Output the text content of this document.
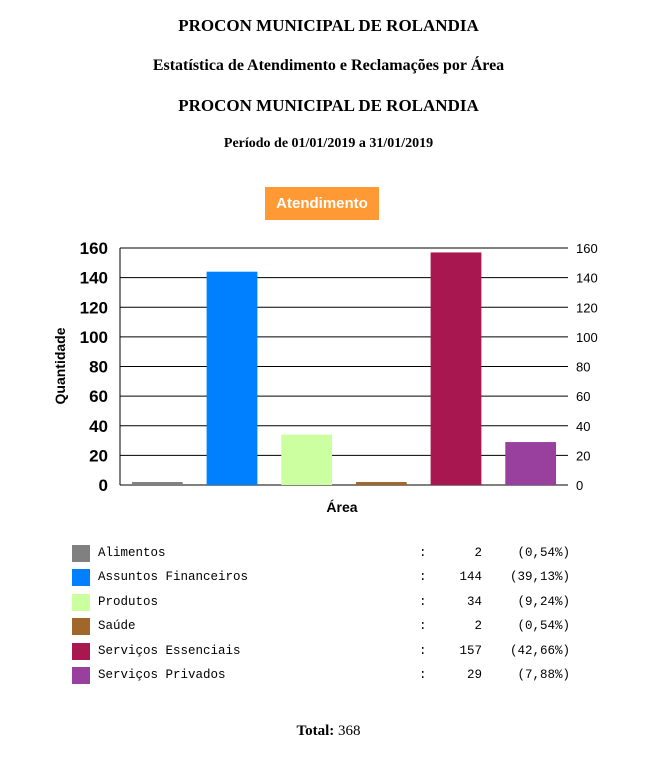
PROCON MUNICIPAL DE ROLANDIA
Estatística de Atendimento e Reclamações por Área
PROCON MUNICIPAL DE ROLANDIA
Período de 01/01/2019 a 31/01/2019
0
20
40
60
80
100
120
140
160
0
20
40
60
80
100
120
140
160
Área
Quantidade
Atendimento
Alimentos	:	2	(0,54%)
Assuntos Financeiros	:	144	(39,13%)
Produtos	:	34	(9,24%)
Saúde	:	2	(0,54%)
Serviços Essenciais	:	157	(42,66%)
Serviços Privados	:	29	(7,88%)
Total: 368
